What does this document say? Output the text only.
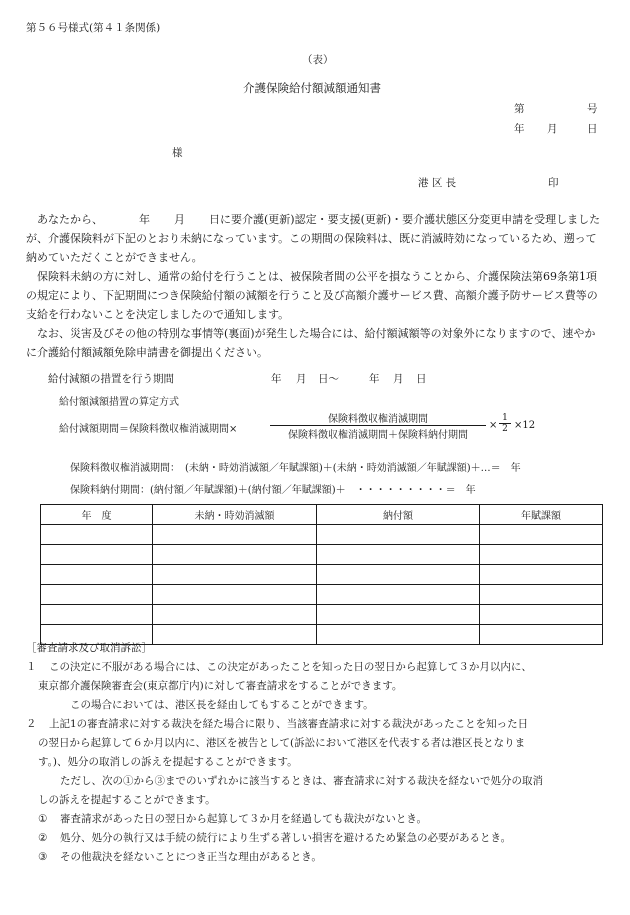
第５６号様式(第４１条関係)
（表）
介護保険給付額減額通知書
第	号
年 月	日
様
港 区 長	印
あなたから、	年 月 日に要介護(更新)認定・要支援(更新)・要介護状態区分変更申請を受理しましたが、介護保険料が下記のとおり未納になっています。この期間の保険料は、既に消滅時効になっているため、遡って納めていただくことができません。
保険料未納の方に対し、通常の給付を行うことは、被保険者間の公平を損なうことから、介護保険法第69条第1項の規定により、下記期間につき保険給付額の減額を行うこと及び高額介護サービス費、高額介護予防サービス費等の支給を行わないことを決定しましたので通知します。
なお、災害及びその他の特別な事情等(裏面)が発生した場合には、給付額減額等の対象外になりますので、速やかに介護給付額減額免除申請書を御提出ください。
給付減額の措置を行う期間	年 月 日〜	年 月 日
給付額減額措置の算定方式
給付減額期間＝保険料徴収権消滅期間×
保険料徴収権消滅期間
保険料徴収権消滅期間＋保険料納付期間
× $\frac{1}{2} \times 12$
保険料徴収権消滅期間：　(未納・時効消滅額／年賦課額)＋(未納・時効消滅額／年賦課額)＋…＝　年
保険料納付期間：(納付額／年賦課額)＋(納付額／年賦課額)＋　・・・・・・・・・＝　年
年　度	未納・時効消滅額	納付額	年賦課額

［審査請求及び取消訴訟］
１ この決定に不服がある場合には、この決定があったことを知った日の翌日から起算して３か月以内に、
東京都介護保険審査会(東京都庁内)に対して審査請求をすることができます。
この場合においては、港区長を経由してもすることができます。
２ 上記1の審査請求に対する裁決を経た場合に限り、当該審査請求に対する裁決があったことを知った日
の翌日から起算して６か月以内に、港区を被告として(訴訟において港区を代表する者は港区長となりま
す。)、処分の取消しの訴えを提起することができます。
ただし、次の①から③までのいずれかに該当するときは、審査請求に対する裁決を経ないで処分の取消
しの訴えを提起することができます。
① 審査請求があった日の翌日から起算して３か月を経過しても裁決がないとき。
② 処分、処分の執行又は手続の続行により生ずる著しい損害を避けるため緊急の必要があるとき。
③ その他裁決を経ないことにつき正当な理由があるとき。
